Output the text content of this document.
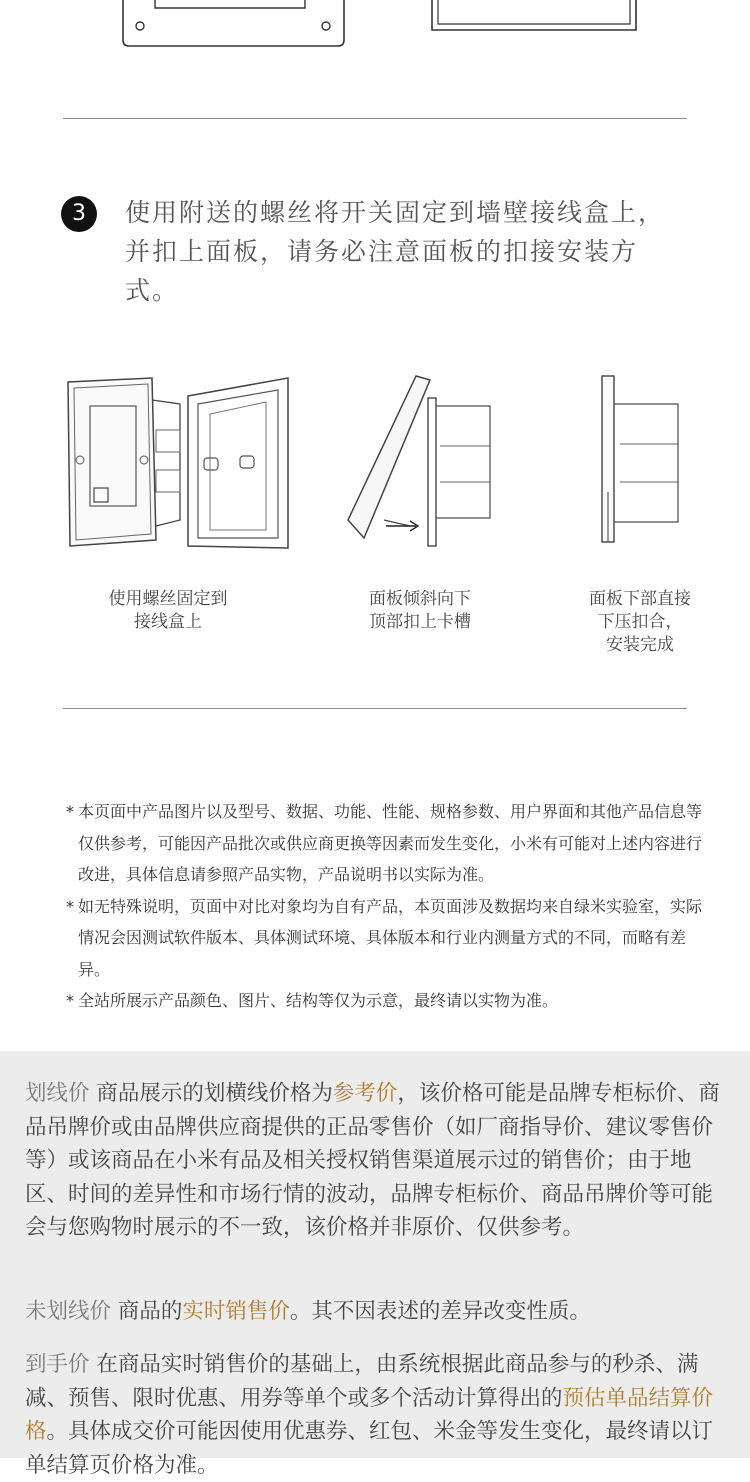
3	使用附送的螺丝将开关固定到墙壁接线盒上，并扣上面板，请务必注意面板的扣接安装方式。
使用螺丝固定到
接线盒上
面板倾斜向下
顶部扣上卡槽
面板下部直接
下压扣合，
安装完成
* 本页面中产品图片以及型号、数据、功能、性能、规格参数、用户界面和其他产品信息等仅供参考，可能因产品批次或供应商更换等因素而发生变化，小米有可能对上述内容进行改进，具体信息请参照产品实物，产品说明书以实际为准。
* 如无特殊说明，页面中对比对象均为自有产品，本页面涉及数据均来自绿米实验室，实际情况会因测试软件版本、具体测试环境、具体版本和行业内测量方式的不同，而略有差异。
* 全站所展示产品颜色、图片、结构等仅为示意，最终请以实物为准。

划线价 商品展示的划横线价格为参考价，该价格可能是品牌专柜标价、商品吊牌价或由品牌供应商提供的正品零售价（如厂商指导价、建议零售价等）或该商品在小米有品及相关授权销售渠道展示过的销售价；由于地区、时间的差异性和市场行情的波动，品牌专柜标价、商品吊牌价等可能会与您购物时展示的不一致，该价格并非原价、仅供参考。

未划线价 商品的实时销售价。其不因表述的差异改变性质。

到手价 在商品实时销售价的基础上，由系统根据此商品参与的秒杀、满减、预售、限时优惠、用券等单个或多个活动计算得出的预估单品结算价格。具体成交价可能因使用优惠券、红包、米金等发生变化，最终请以订单结算页价格为准。
